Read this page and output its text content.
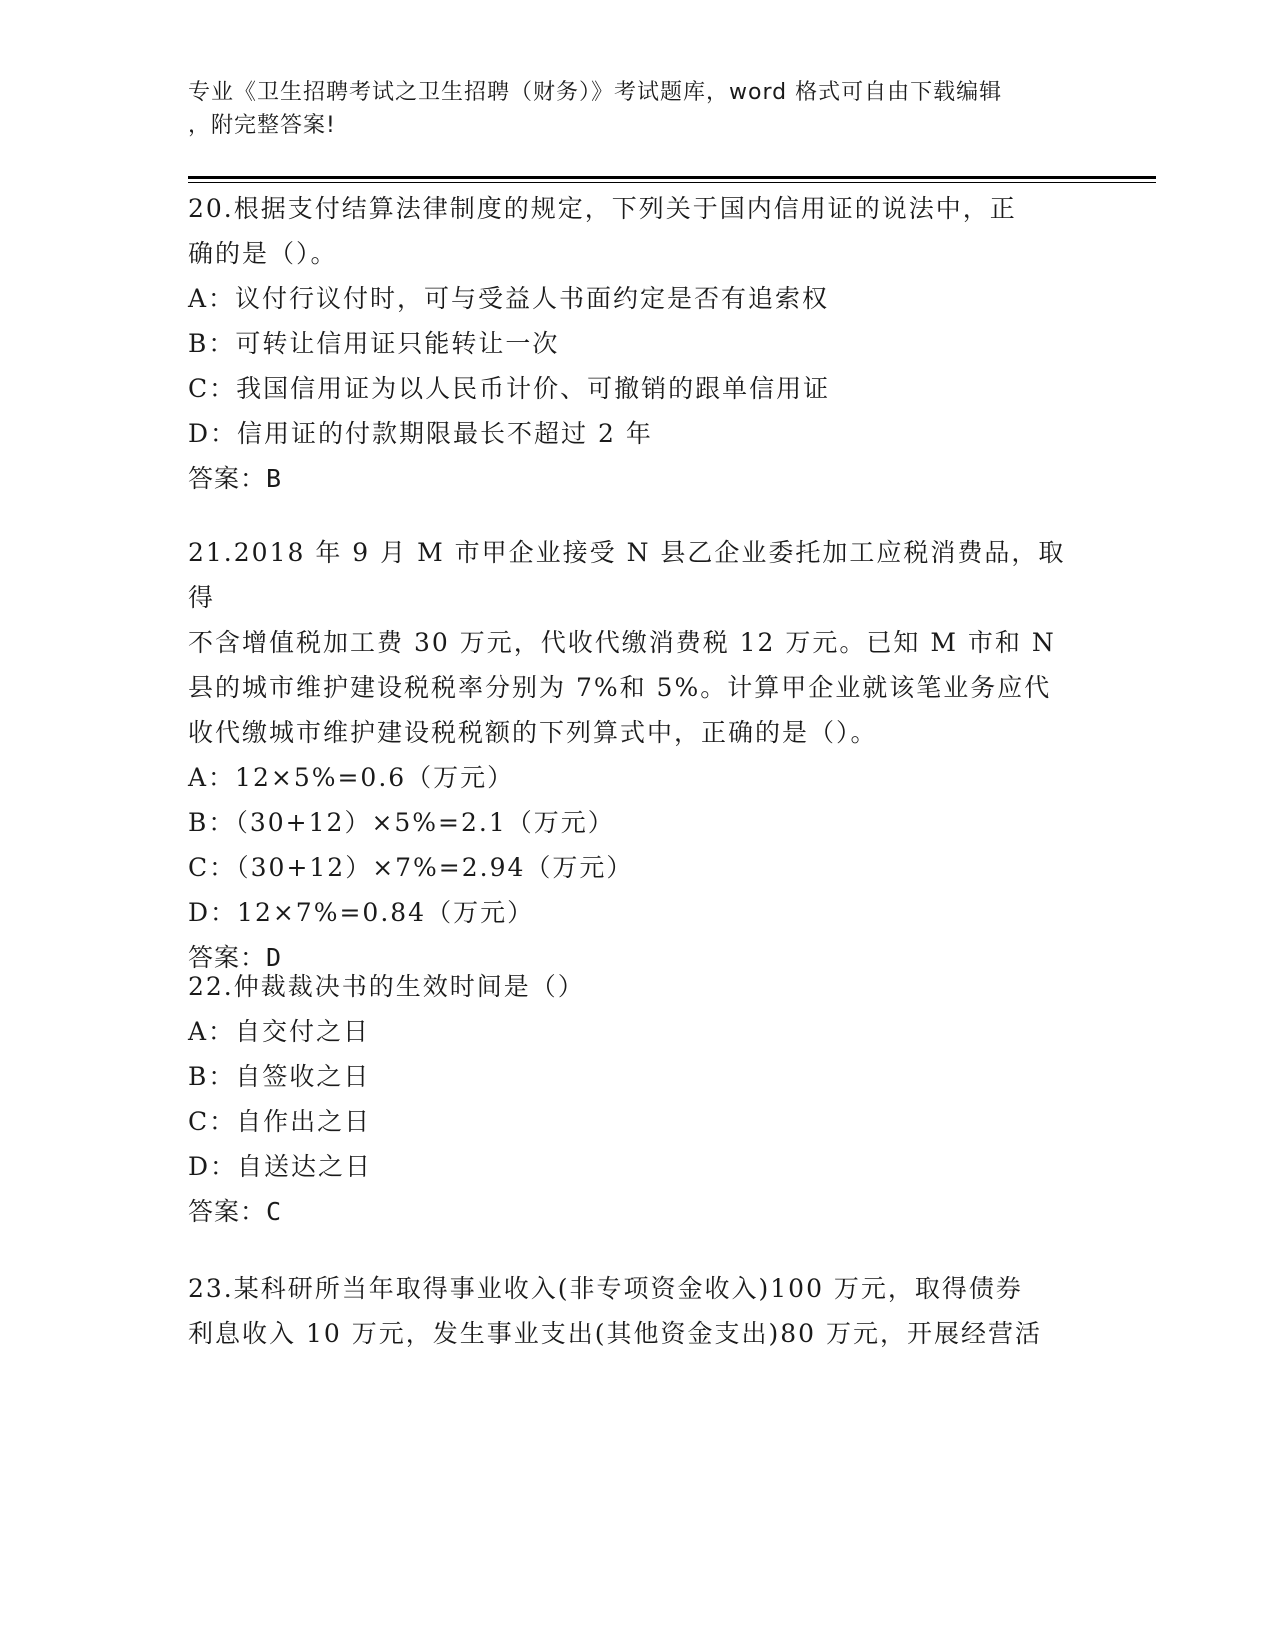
专业《卫生招聘考试之卫生招聘（财务）》考试题库，word 格式可自由下载编辑
，附完整答案!

20.根据支付结算法律制度的规定，下列关于国内信用证的说法中，正

确的是（）。

A：议付行议付时，可与受益人书面约定是否有追索权

B：可转让信用证只能转让一次

C：我国信用证为以人民币计价、可撤销的跟单信用证

D：信用证的付款期限最长不超过 2 年

答案：B

21.2018 年 9 月 M 市甲企业接受 N 县乙企业委托加工应税消费品，取得

不含增值税加工费 30 万元，代收代缴消费税 12 万元。已知 M 市和 N

县的城市维护建设税税率分别为 7%和 5%。计算甲企业就该笔业务应代

收代缴城市维护建设税税额的下列算式中，正确的是（）。

A：12×5%=0.6（万元）

B：（30+12）×5%=2.1（万元）

C：（30+12）×7%=2.94（万元）

D：12×7%=0.84（万元）

答案：D

22.仲裁裁决书的生效时间是（）

A：自交付之日

B：自签收之日

C：自作出之日

D：自送达之日

答案：C

23.某科研所当年取得事业收入(非专项资金收入)100 万元，取得债券

利息收入 10 万元，发生事业支出(其他资金支出)80 万元，开展经营活
